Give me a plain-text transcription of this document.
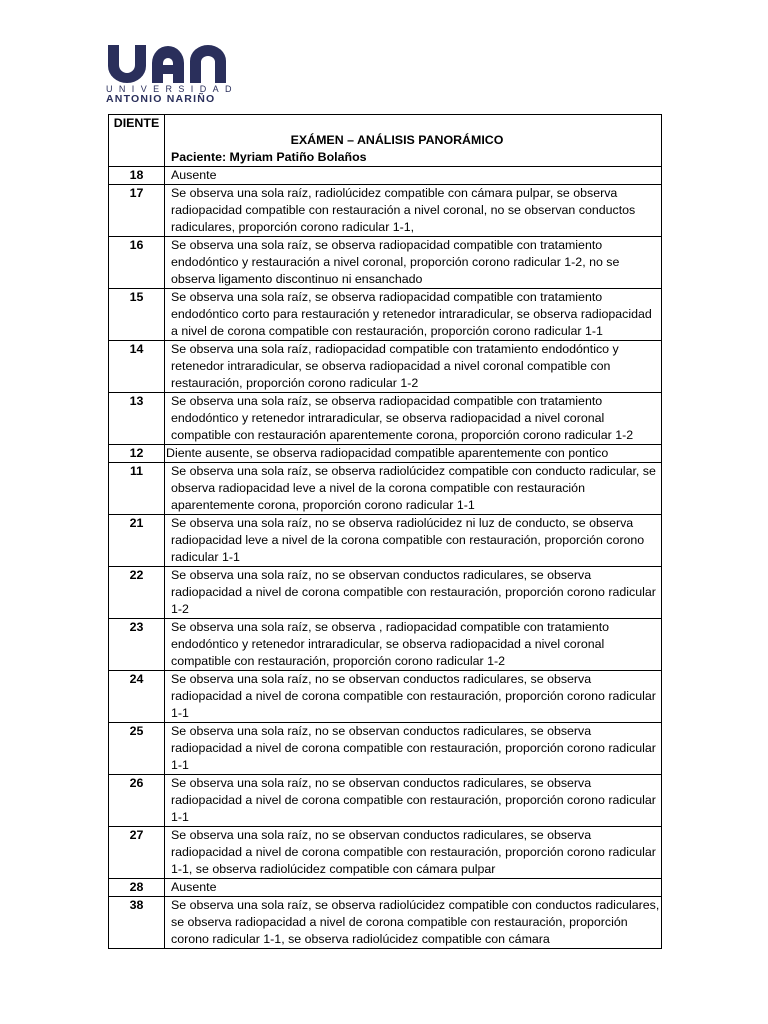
UNIVERSIDAD
ANTONIO NARIÑO
DIENTE	EXÁMEN – ANÁLISIS PANORÁMICO
Paciente: Myriam Patiño Bolaños

18	Ausente
17	Se observa una sola raíz, radiolúcidez compatible con cámara pulpar, se observa radiopacidad compatible con restauración a nivel coronal, no se observan conductos radiculares, proporción corono radicular 1-1,
16	Se observa una sola raíz, se observa radiopacidad compatible con tratamiento endodóntico y restauración a nivel coronal, proporción corono radicular 1-2, no se observa ligamento discontinuo ni ensanchado
15	Se observa una sola raíz, se observa radiopacidad compatible con tratamiento endodóntico corto para restauración y retenedor intraradicular, se observa radiopacidad a nivel de corona compatible con restauración, proporción corono radicular 1-1
14	Se observa una sola raíz, radiopacidad compatible con tratamiento endodóntico y retenedor intraradicular, se observa radiopacidad a nivel coronal compatible con restauración, proporción corono radicular 1-2
13	Se observa una sola raíz, se observa radiopacidad compatible con tratamiento endodóntico y retenedor intraradicular, se observa radiopacidad a nivel coronal compatible con restauración aparentemente corona, proporción corono radicular 1-2
12	Diente ausente, se observa radiopacidad compatible aparentemente con pontico
11	Se observa una sola raíz, se observa radiolúcidez compatible con conducto radicular, se observa radiopacidad leve a nivel de la corona compatible con restauración aparentemente corona, proporción corono radicular 1-1
21	Se observa una sola raíz, no se observa radiolúcidez ni luz de conducto, se observa radiopacidad leve a nivel de la corona compatible con restauración, proporción corono radicular 1-1
22	Se observa una sola raíz, no se observan conductos radiculares, se observa radiopacidad a nivel de corona compatible con restauración, proporción corono radicular 1-2
23	Se observa una sola raíz, se observa , radiopacidad compatible con tratamiento endodóntico y retenedor intraradicular, se observa radiopacidad a nivel coronal compatible con restauración, proporción corono radicular 1-2
24	Se observa una sola raíz, no se observan conductos radiculares, se observa radiopacidad a nivel de corona compatible con restauración, proporción corono radicular 1-1
25	Se observa una sola raíz, no se observan conductos radiculares, se observa radiopacidad a nivel de corona compatible con restauración, proporción corono radicular 1-1
26	Se observa una sola raíz, no se observan conductos radiculares, se observa radiopacidad a nivel de corona compatible con restauración, proporción corono radicular 1-1
27	Se observa una sola raíz, no se observan conductos radiculares, se observa radiopacidad a nivel de corona compatible con restauración, proporción corono radicular 1-1, se observa radiolúcidez compatible con cámara pulpar
28	Ausente
38	Se observa una sola raíz, se observa radiolúcidez compatible con conductos radiculares, se observa radiopacidad a nivel de corona compatible con restauración, proporción corono radicular 1-1, se observa radiolúcidez compatible con cámara
